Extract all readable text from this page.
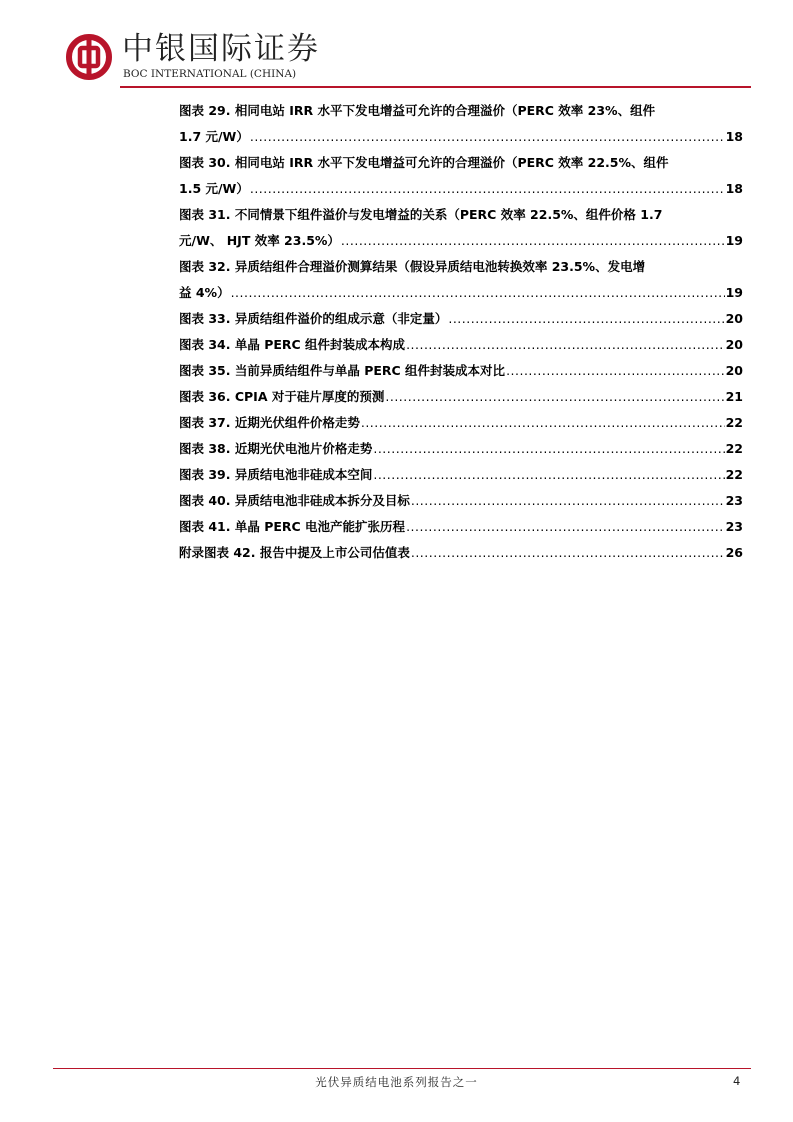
中银国际证券
BOC INTERNATIONAL (CHINA)
图表 29. 相同电站 IRR 水平下发电增益可允许的合理溢价（PERC 效率 23%、组件
1.7 元/W） .....	18
图表 30. 相同电站 IRR 水平下发电增益可允许的合理溢价（PERC 效率 22.5%、组件
1.5 元/W） .....	18
图表 31. 不同情景下组件溢价与发电增益的关系（PERC 效率 22.5%、组件价格 1.7
元/W、 HJT 效率 23.5%） .....	19
图表 32. 异质结组件合理溢价测算结果（假设异质结电池转换效率 23.5%、发电增
益 4%） .....	19
图表 33. 异质结组件溢价的组成示意（非定量） .....	20
图表 34. 单晶 PERC 组件封装成本构成 .....	20
图表 35. 当前异质结组件与单晶 PERC 组件封装成本对比 .....	20
图表 36. CPIA 对于硅片厚度的预测 .....	21
图表 37. 近期光伏组件价格走势 .....	22
图表 38. 近期光伏电池片价格走势 .....	22
图表 39. 异质结电池非硅成本空间 .....	22
图表 40. 异质结电池非硅成本拆分及目标 .....	23
图表 41. 单晶 PERC 电池产能扩张历程 .....	23
附录图表 42. 报告中提及上市公司估值表 .....	26
光伏异质结电池系列报告之一	4
